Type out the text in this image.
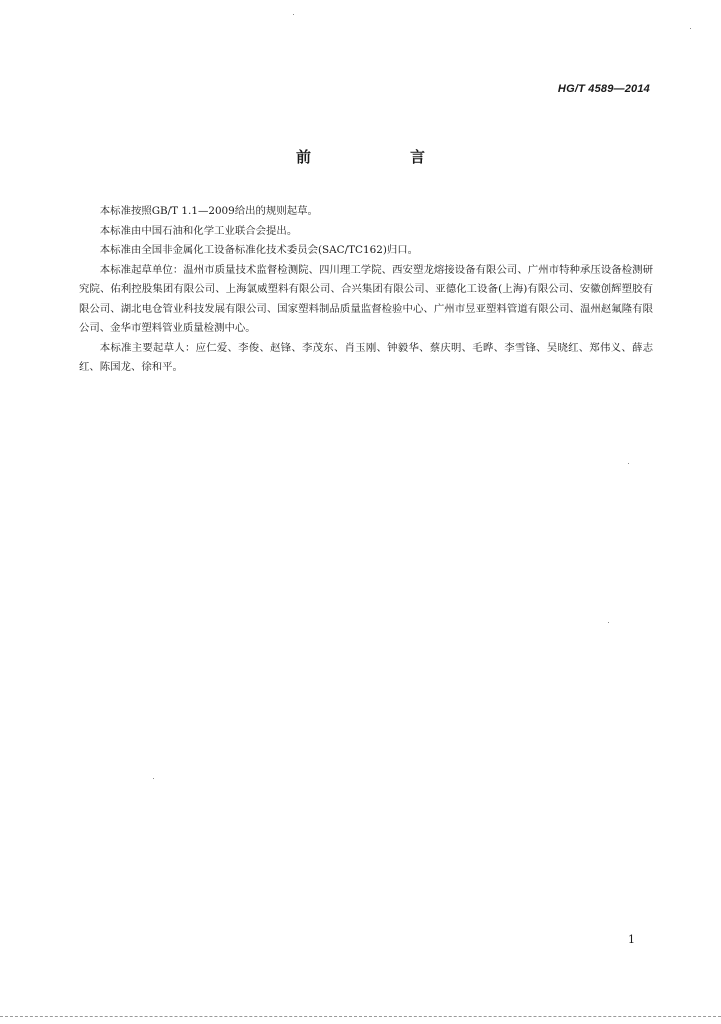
HG/T 4589—2014
前　言

本标准按照GB/T 1.1—2009给出的规则起草。

本标准由中国石油和化学工业联合会提出。

本标准由全国非金属化工设备标准化技术委员会(SAC/TC162)归口。

本标准起草单位：温州市质量技术监督检测院、四川理工学院、西安塑龙熔接设备有限公司、广州市特种承压设备检测研究院、佑利控股集团有限公司、上海氯威塑料有限公司、合兴集团有限公司、亚德化工设备(上海)有限公司、安徽创辉塑胶有限公司、湖北电仓管业科技发展有限公司、国家塑料制品质量监督检验中心、广州市昱亚塑料管道有限公司、温州赵氟隆有限公司、金华市塑料管业质量检测中心。

本标准主要起草人：应仁爱、李俊、赵锋、李茂东、肖玉刚、钟毅华、蔡庆明、毛晔、李雪锋、吴晓红、郑伟义、薛志红、陈国龙、徐和平。

1
